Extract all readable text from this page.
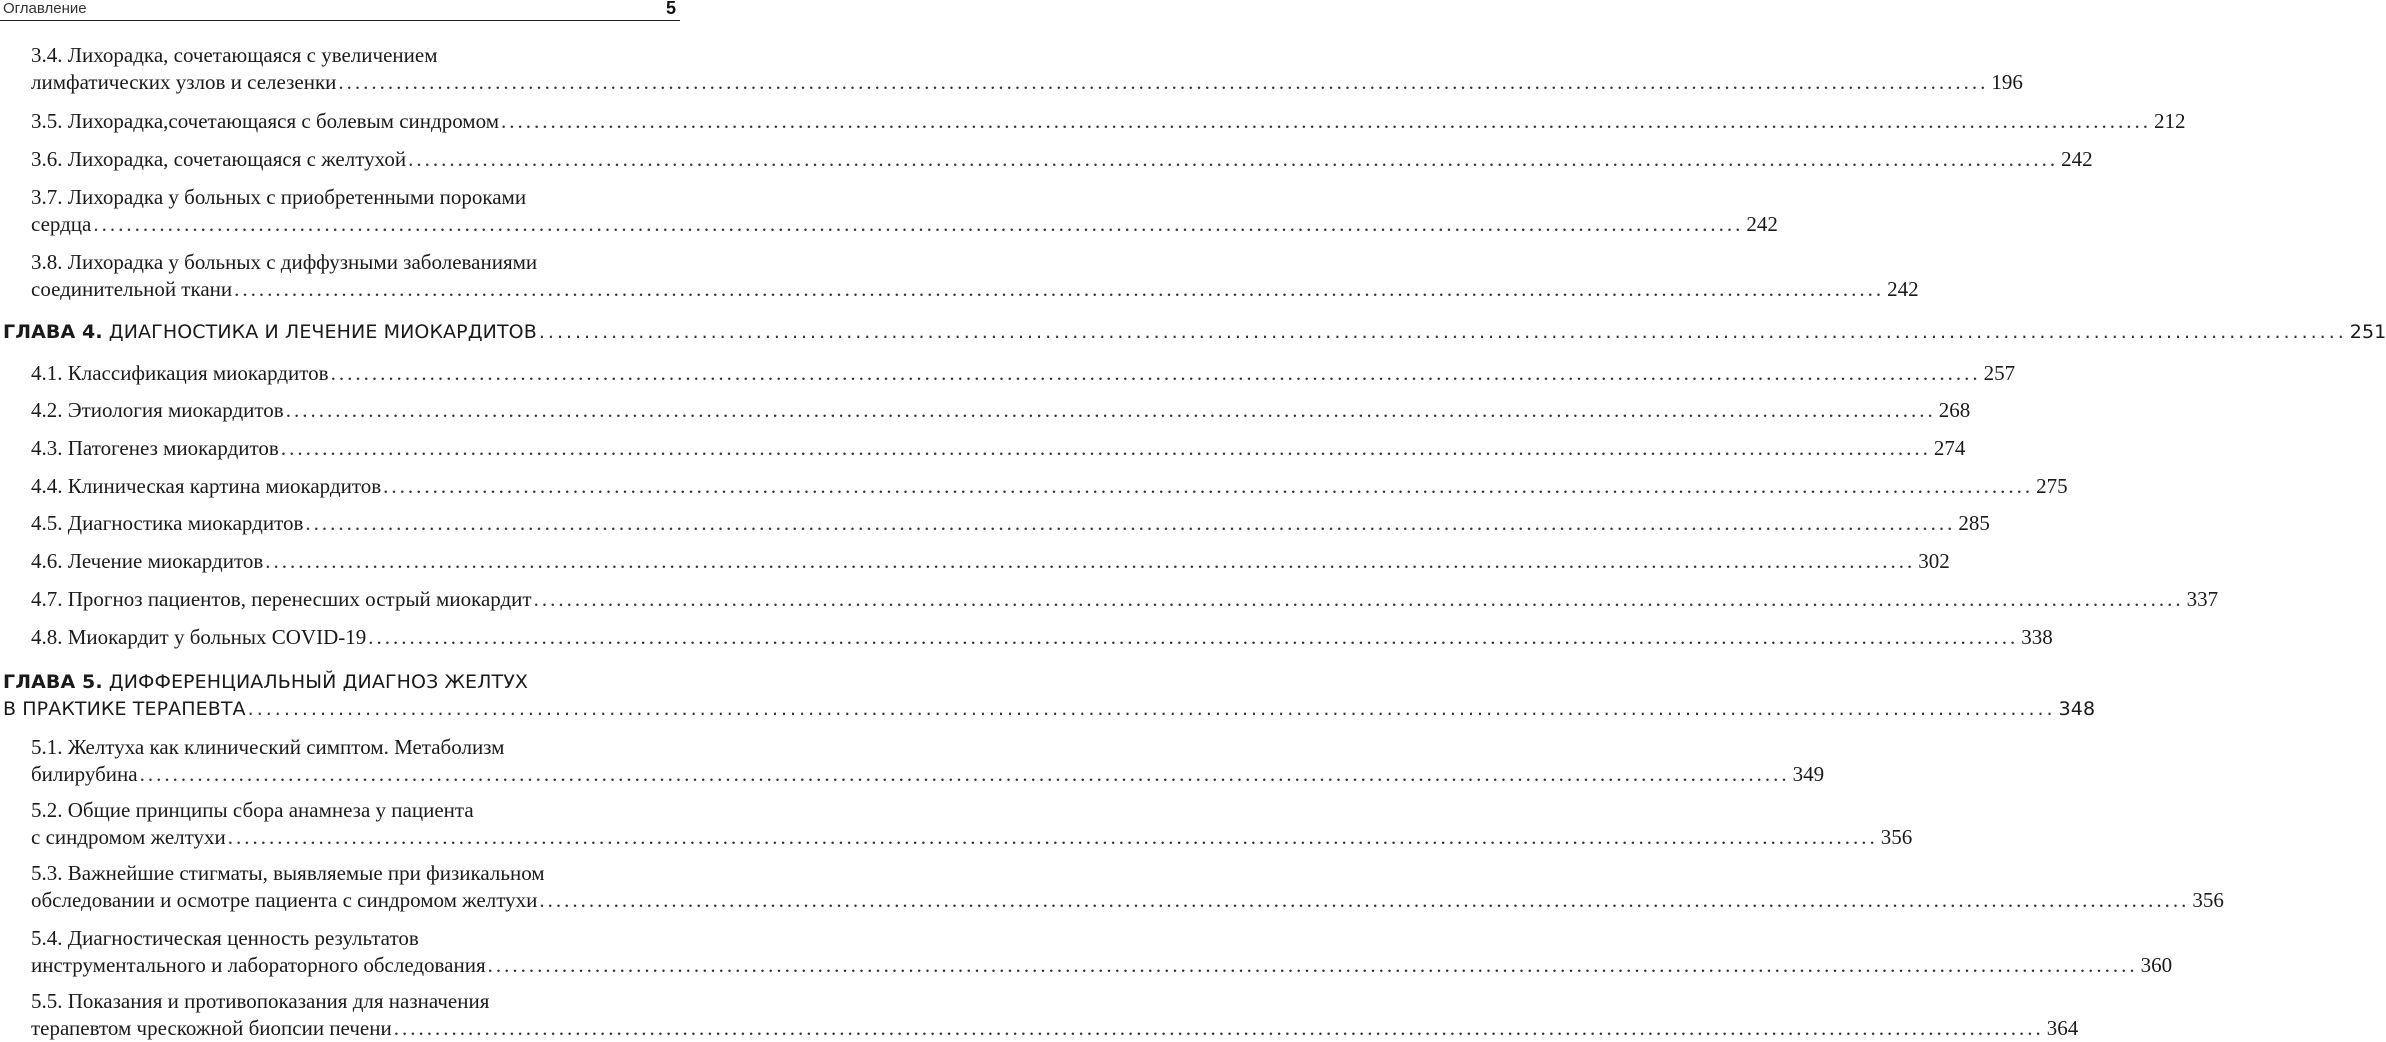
Оглавление	5
3.4. Лихорадка, сочетающаяся с увеличением
лимфатических узлов и селезенки ........................................................................................................................................................................................................ 196
3.5. Лихорадка,сочетающаяся с болевым синдромом ........................................................................................................................................................................................................ 212
3.6. Лихорадка, сочетающаяся с желтухой ........................................................................................................................................................................................................ 242
3.7. Лихорадка у больных с приобретенными пороками
сердца ........................................................................................................................................................................................................ 242
3.8. Лихорадка у больных с диффузными заболеваниями
соединительной ткани ........................................................................................................................................................................................................ 242
ГЛАВА 4. ДИАГНОСТИКА И ЛЕЧЕНИЕ МИОКАРДИТОВ ........................................................................................................................................................................................................ 251
4.1. Классификация миокардитов ........................................................................................................................................................................................................ 257
4.2. Этиология миокардитов ........................................................................................................................................................................................................ 268
4.3. Патогенез миокардитов ........................................................................................................................................................................................................ 274
4.4. Клиническая картина миокардитов ........................................................................................................................................................................................................ 275
4.5. Диагностика миокардитов ........................................................................................................................................................................................................ 285
4.6. Лечение миокардитов ........................................................................................................................................................................................................ 302
4.7. Прогноз пациентов, перенесших острый миокардит ........................................................................................................................................................................................................ 337
4.8. Миокардит у больных COVID-19 ........................................................................................................................................................................................................ 338
ГЛАВА 5. ДИФФЕРЕНЦИАЛЬНЫЙ ДИАГНОЗ ЖЕЛТУХ
В ПРАКТИКЕ ТЕРАПЕВТА ........................................................................................................................................................................................................ 348
5.1. Желтуха как клинический симптом. Метаболизм
билирубина ........................................................................................................................................................................................................ 349
5.2. Общие принципы сбора анамнеза у пациента
с синдромом желтухи ........................................................................................................................................................................................................ 356
5.3. Важнейшие стигматы, выявляемые при физикальном
обследовании и осмотре пациента с синдромом желтухи ........................................................................................................................................................................................................ 356
5.4. Диагностическая ценность результатов
инструментального и лабораторного обследования ........................................................................................................................................................................................................ 360
5.5. Показания и противопоказания для назначения
терапевтом чрескожной биопсии печени ........................................................................................................................................................................................................ 364
